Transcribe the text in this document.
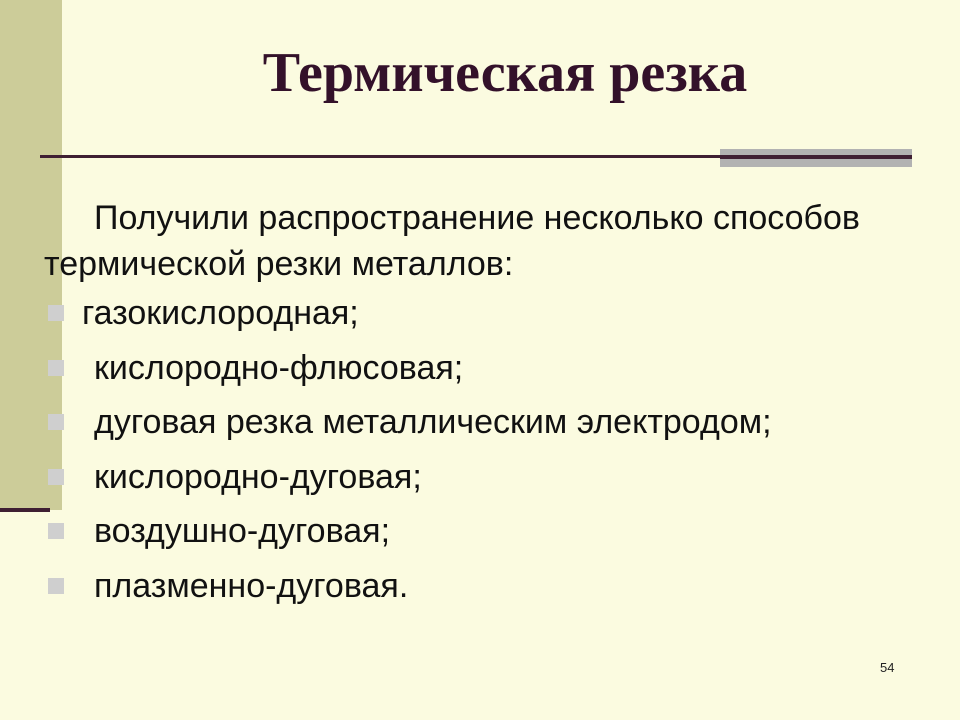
Термическая резка

Получили распространение несколько способов термической резки металлов:

газокислородная;
кислородно-флюсовая;
дуговая резка металлическим электродом;
кислородно-дуговая;
воздушно-дуговая;
плазменно-дуговая.
54
